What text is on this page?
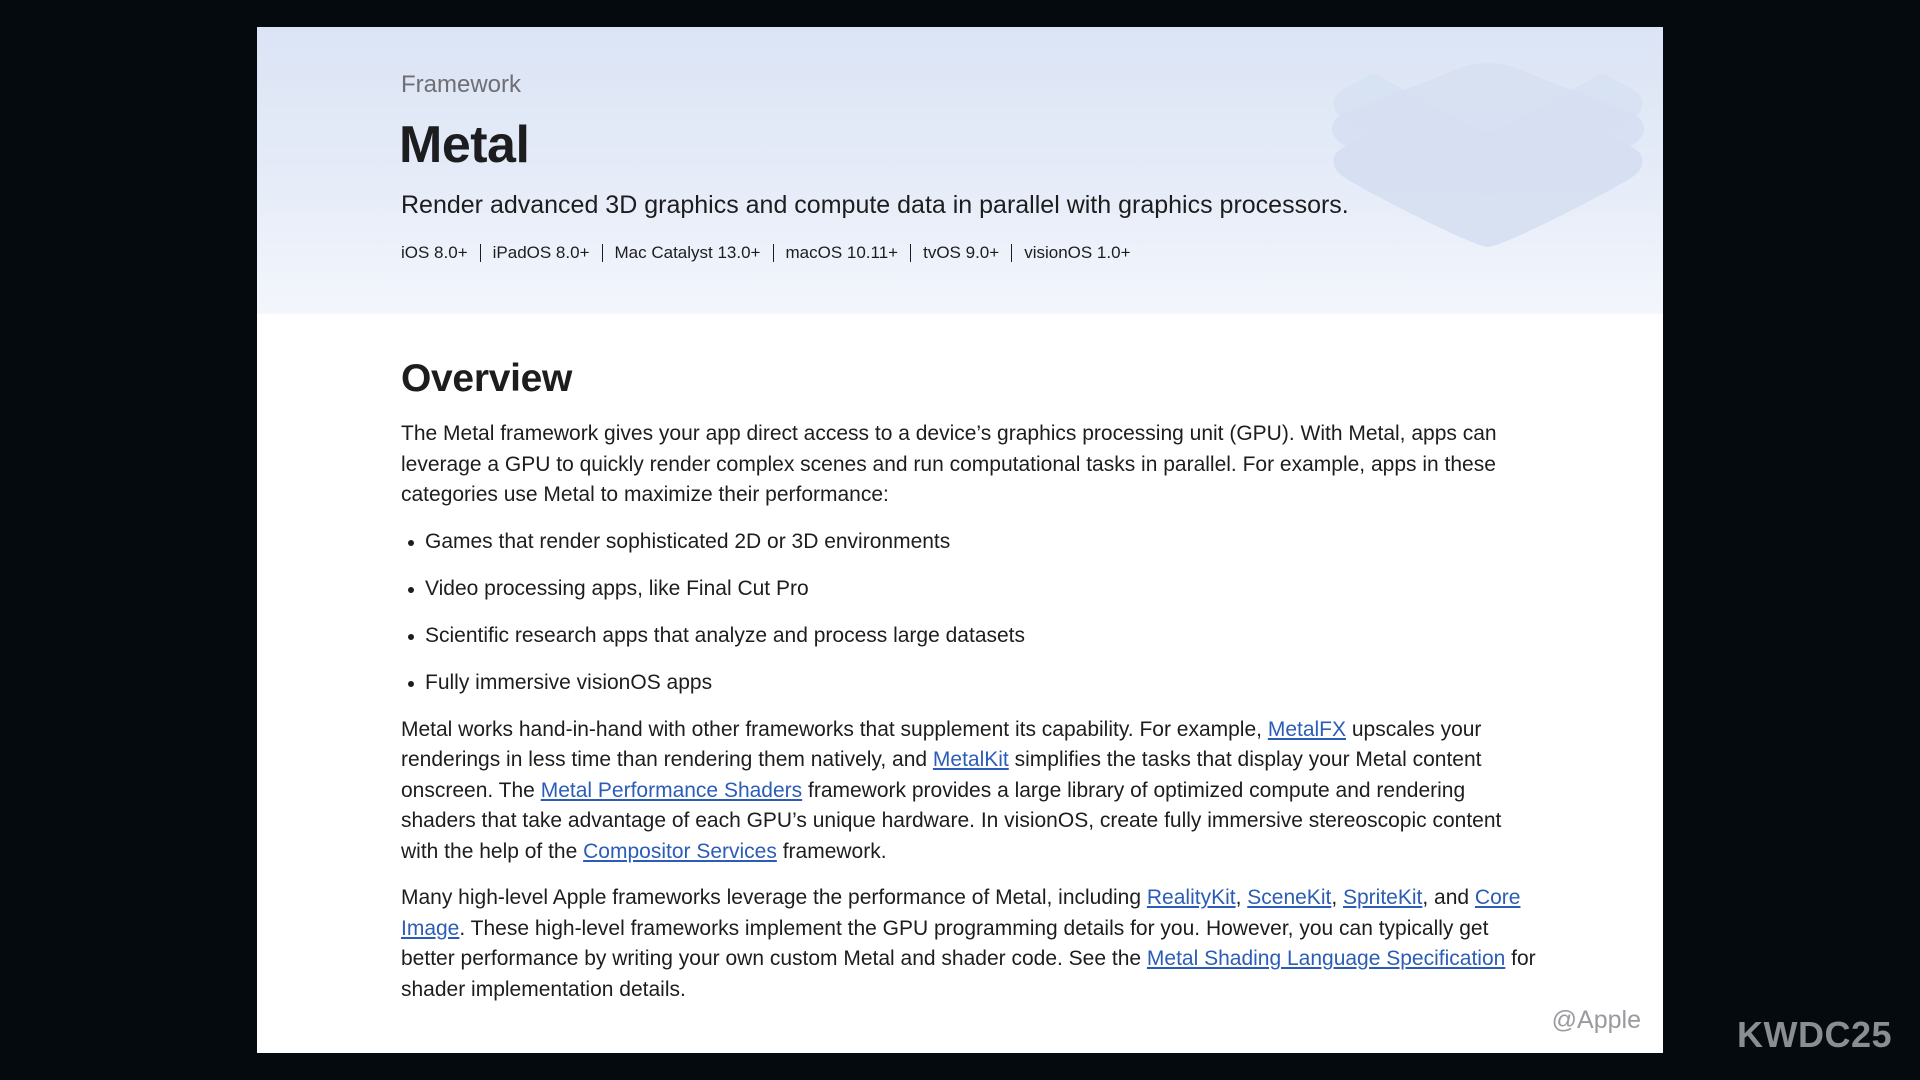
Framework
Metal
Render advanced 3D graphics and compute data in parallel with graphics processors.
iOS 8.0+ iPadOS 8.0+ Mac Catalyst 13.0+ macOS 10.11+ tvOS 9.0+ visionOS 1.0+
Overview

The Metal framework gives your app direct access to a device’s graphics processing unit (GPU). With Metal, apps can leverage a GPU to quickly render complex scenes and run computational tasks in parallel. For example, apps in these categories use Metal to maximize their performance:

Games that render sophisticated 2D or 3D environments
Video processing apps, like Final Cut Pro
Scientific research apps that analyze and process large datasets
Fully immersive visionOS apps

Metal works hand-in-hand with other frameworks that supplement its capability. For example, MetalFX upscales your renderings in less time than rendering them natively, and MetalKit simplifies the tasks that display your Metal content onscreen. The Metal Performance Shaders framework provides a large library of optimized compute and rendering shaders that take advantage of each GPU’s unique hardware. In visionOS, create fully immersive stereoscopic content with the help of the Compositor Services framework.

Many high-level Apple frameworks leverage the performance of Metal, including RealityKit, SceneKit, SpriteKit, and Core Image. These high-level frameworks implement the GPU programming details for you. However, you can typically get better performance by writing your own custom Metal and shader code. See the Metal Shading Language Specification for shader implementation details.

@Apple	KWDC25
